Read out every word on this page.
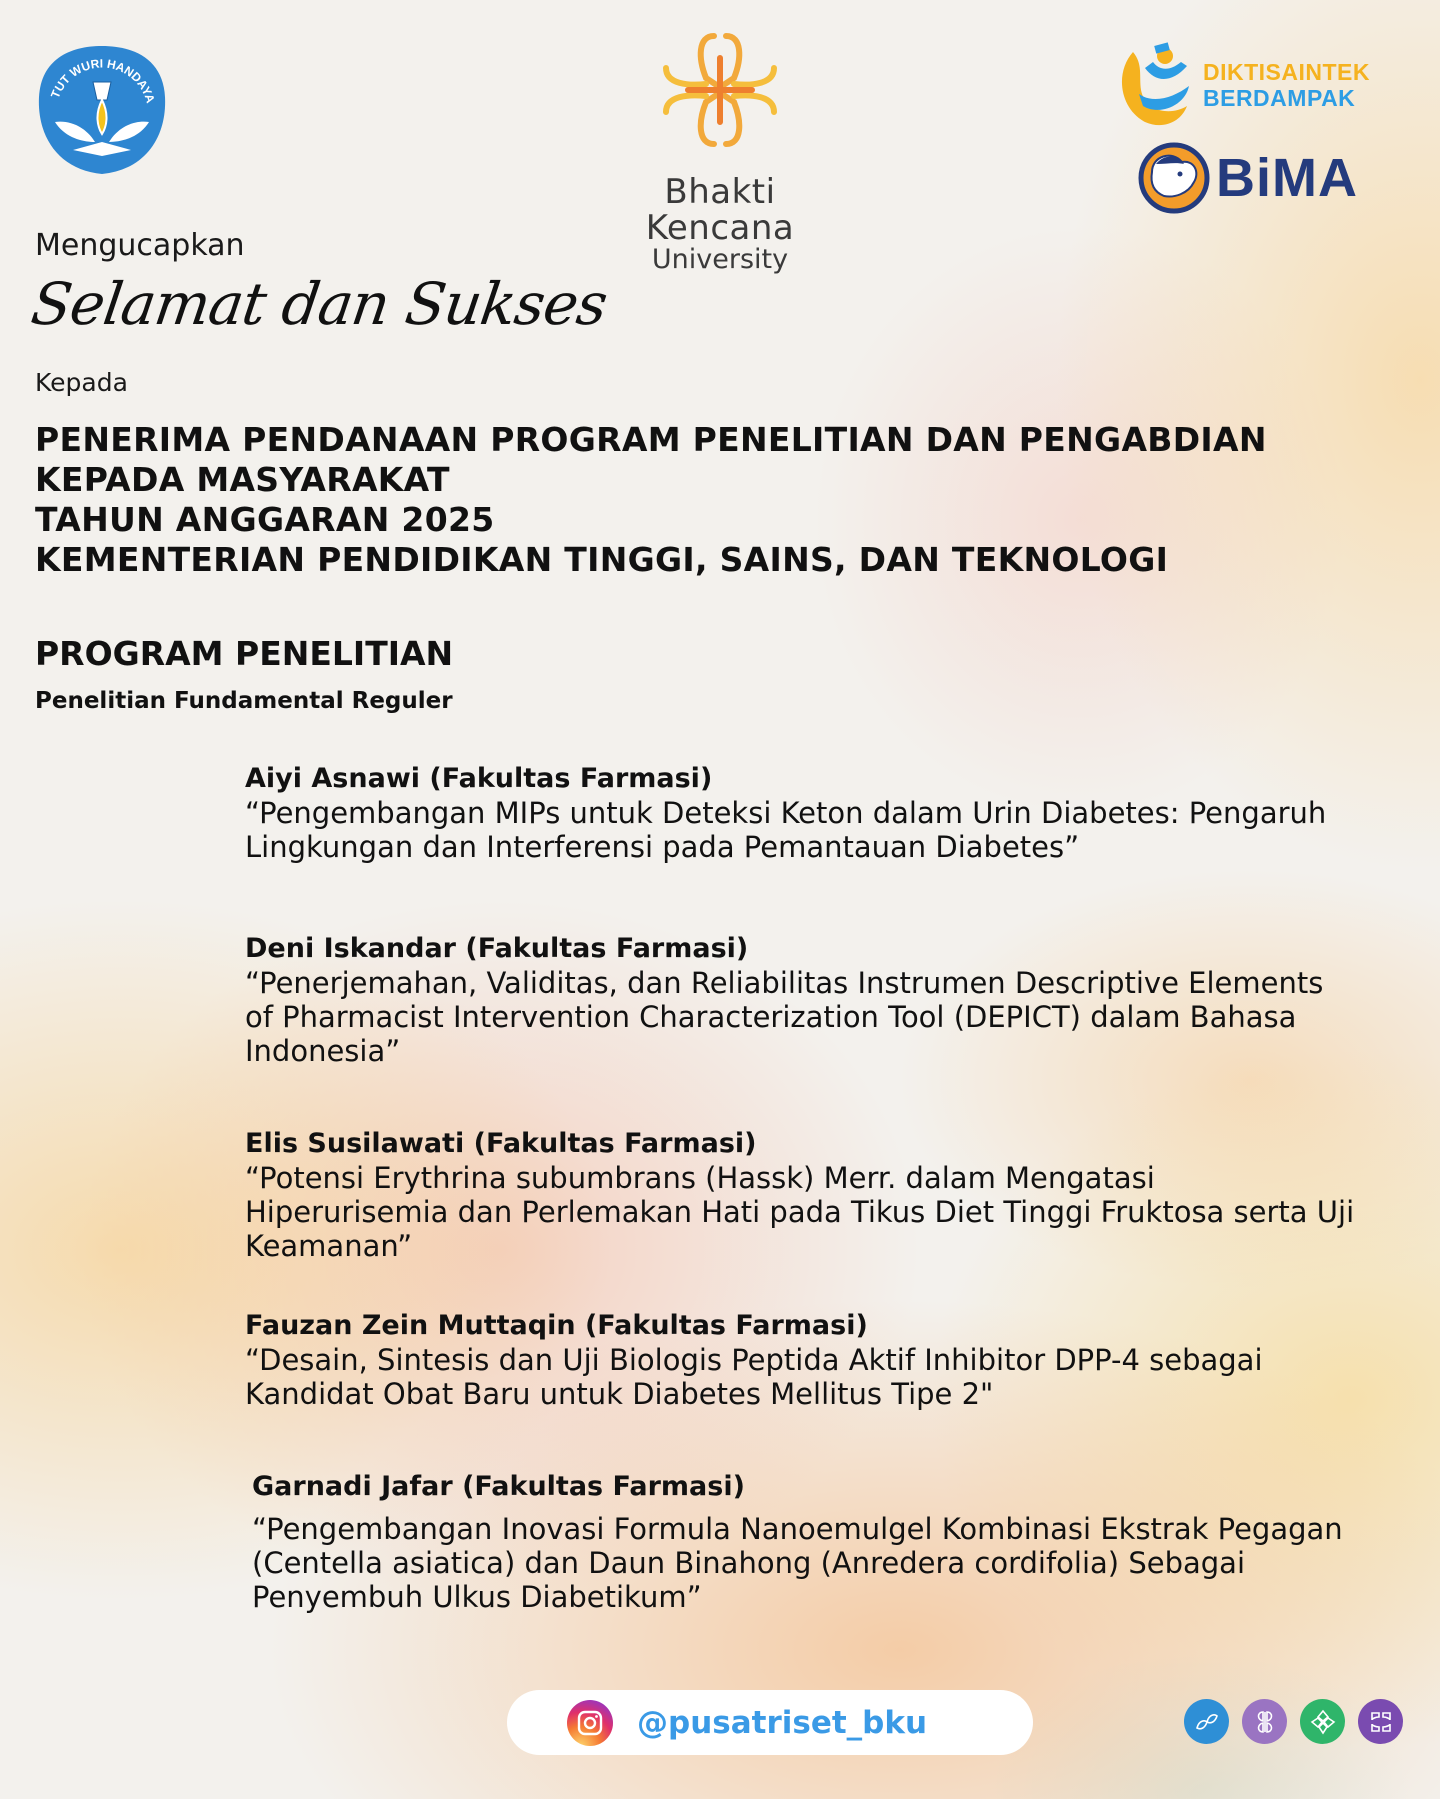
TUT WURI HANDAYA
Bhakti Kencana
University
DIKTISAINTEK
BERDAMPAK
BiMA
Mengucapkan
Selamat dan Sukses
Kepada
PENERIMA PENDANAAN PROGRAM PENELITIAN DAN PENGABDIAN
KEPADA MASYARAKAT
TAHUN ANGGARAN 2025
KEMENTERIAN PENDIDIKAN TINGGI, SAINS, DAN TEKNOLOGI
PROGRAM PENELITIAN
Penelitian Fundamental Reguler
Aiyi Asnawi (Fakultas Farmasi)
“Pengembangan MIPs untuk Deteksi Keton dalam Urin Diabetes: Pengaruh
Lingkungan dan Interferensi pada Pemantauan Diabetes”
Deni Iskandar (Fakultas Farmasi)
“Penerjemahan, Validitas, dan Reliabilitas Instrumen Descriptive Elements
of Pharmacist Intervention Characterization Tool (DEPICT) dalam Bahasa
Indonesia”
Elis Susilawati (Fakultas Farmasi)
“Potensi Erythrina subumbrans (Hassk) Merr. dalam Mengatasi
Hiperurisemia dan Perlemakan Hati pada Tikus Diet Tinggi Fruktosa serta Uji
Keamanan”
Fauzan Zein Muttaqin (Fakultas Farmasi)
“Desain, Sintesis dan Uji Biologis Peptida Aktif Inhibitor DPP-4 sebagai
Kandidat Obat Baru untuk Diabetes Mellitus Tipe 2"
Garnadi Jafar (Fakultas Farmasi)
“Pengembangan Inovasi Formula Nanoemulgel Kombinasi Ekstrak Pegagan
(Centella asiatica) dan Daun Binahong (Anredera cordifolia) Sebagai
Penyembuh Ulkus Diabetikum”
@pusatriset_bku
